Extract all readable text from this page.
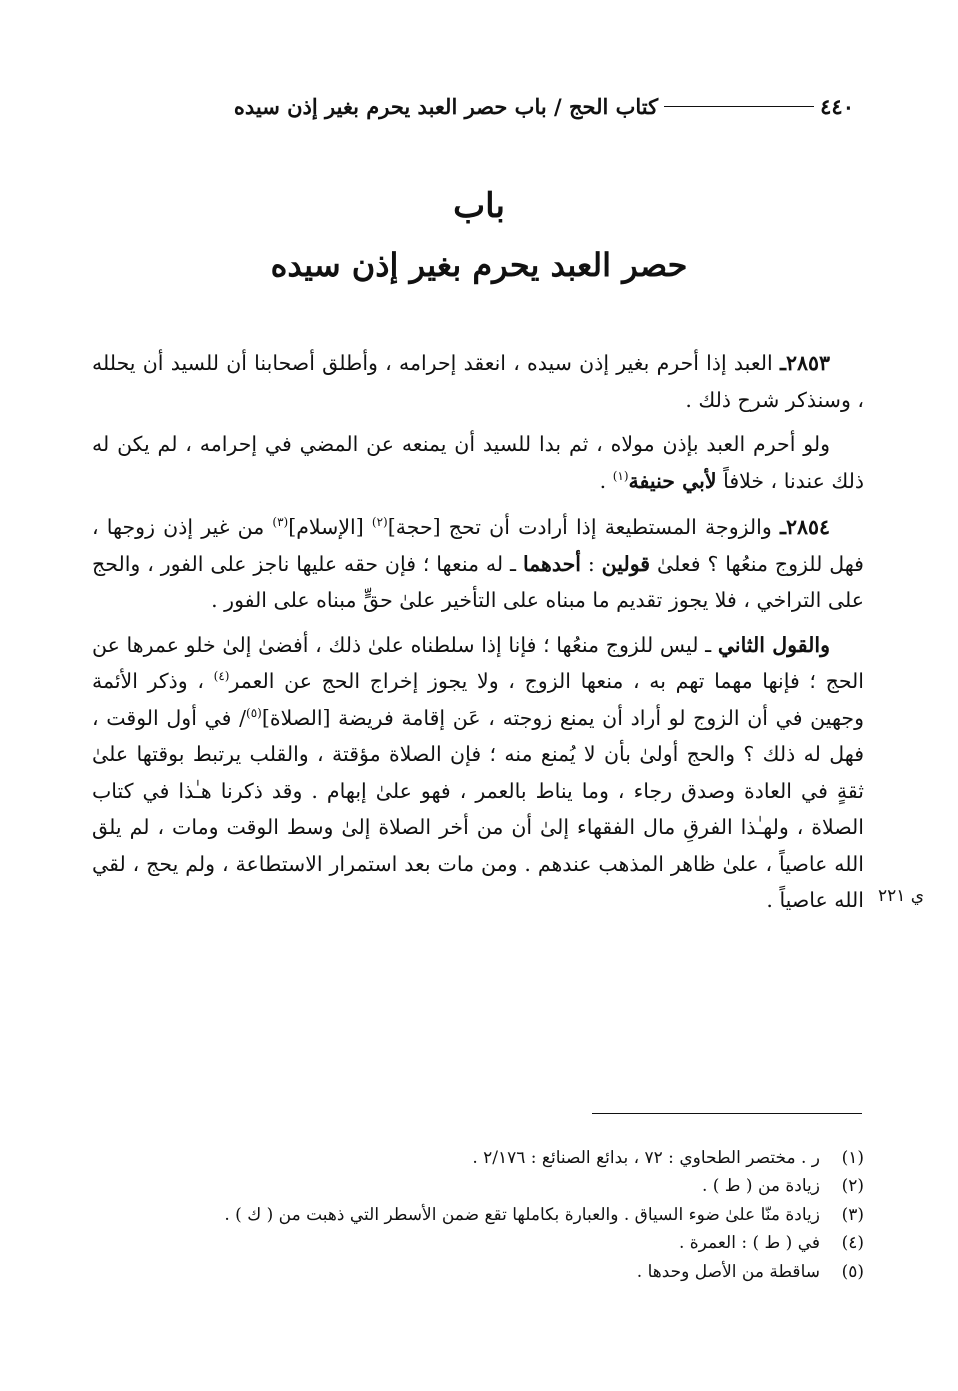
٤٤٠
كتاب الحج / باب حصر العبد يحرم بغير إذن سيده
باب
حصر العبد يحرم بغير إذن سيده

٢٨٥٣ـ العبد إذا أحرم بغير إذن سيده ، انعقد إحرامه ، وأطلق أصحابنا أن للسيد أن يحلله ، وسنذكر شرح ذلك .

ولو أحرم العبد بإذن مولاه ، ثم بدا للسيد أن يمنعه عن المضي في إحرامه ، لم يكن له ذلك عندنا ، خلافاً لأبي حنيفة$^{(١)}$ .

٢٨٥٤ـ والزوجة المستطيعة إذا أرادت أن تحج [حجة]$^{(٢)}$ [الإسلام]$^{(٣)}$ من غير إذن زوجها ، فهل للزوج منعُها ؟ فعلىٰ قولين : أحدهما ـ له منعها ؛ فإن حقه عليها ناجز على الفور ، والحج على التراخي ، فلا يجوز تقديم ما مبناه على التأخير علىٰ حقٍّ مبناه على الفور .

والقول الثاني ـ ليس للزوج منعُها ؛ فإنا إذا سلطناه علىٰ ذلك ، أفضىٰ إلىٰ خلو عمرها عن الحج ؛ فإنها مهما تهم به ، منعها الزوج ، ولا يجوز إخراج الحج عن العمر$^{(٤)}$ ، وذكر الأئمة وجهين في أن الزوج لو أراد أن يمنع زوجته ، عَن إقامة فريضة [الصلاة]$^{(٥)}$/ في أول الوقت ، فهل له ذلك ؟ والحج أولىٰ بأن لا يُمنع منه ؛ فإن الصلاة مؤقتة ، والقلب يرتبط بوقتها علىٰ ثقةٍ في العادة وصدق رجاء ، وما يناط بالعمر ، فهو علىٰ إبهام . وقد ذكرنا هـٰذا في كتاب الصلاة ، ولهـٰذا الفرقِ مال الفقهاء إلىٰ أن من أخر الصلاة إلىٰ وسط الوقت ومات ، لم يلق الله عاصياً ، علىٰ ظاهر المذهب عندهم . ومن مات بعد استمرار الاستطاعة ، ولم يحج ، لقي الله عاصياً . ي ٢٢١
(١)
ر . مختصر الطحاوي : ٧٢ ، بدائع الصنائع : ٢/١٧٦ .
(٢)
زيادة من ( ط ) .
(٣)
زيادة منّا علىٰ ضوء السياق . والعبارة بكاملها تقع ضمن الأسطر التي ذهبت من ( ك ) .
(٤)
في ( ط ) : العمرة .
(٥)
ساقطة من الأصل وحدها .
